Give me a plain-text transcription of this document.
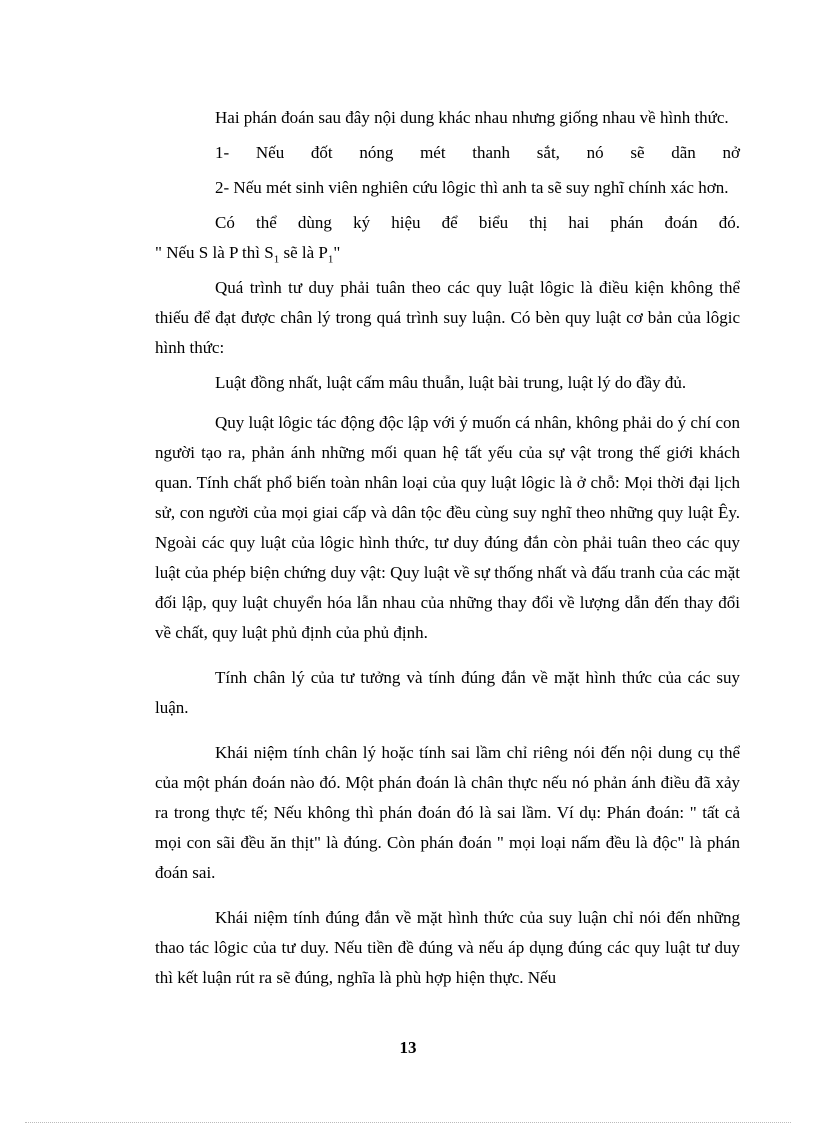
Hai phán đoán sau đây nội dung khác nhau nhưng giống nhau về hình thức.

1- Nếu đốt nóng mét thanh sắt, nó sẽ dãn nở

2- Nếu mét sinh viên nghiên cứu lôgic thì anh ta sẽ suy nghĩ chính xác hơn.

Có thể dùng ký hiệu để biểu thị hai phán đoán đó.

" Nếu S là P thì $S_1$ sẽ là $P_1$"

Quá trình tư duy phải tuân theo các quy luật lôgic là điều kiện không thể thiếu để đạt được chân lý trong quá trình suy luận. Có bèn quy luật cơ bản của lôgic hình thức:

Luật đồng nhất, luật cấm mâu thuẫn, luật bài trung, luật lý do đầy đủ.

Quy luật lôgic tác động độc lập với ý muốn cá nhân, không phải do ý chí con người tạo ra, phản ánh những mối quan hệ tất yếu của sự vật trong thế giới khách quan. Tính chất phổ biến toàn nhân loại của quy luật lôgic là ở chỗ: Mọi thời đại lịch sử, con người của mọi giai cấp và dân tộc đều cùng suy nghĩ theo những quy luật Êy. Ngoài các quy luật của lôgic hình thức, tư duy đúng đắn còn phải tuân theo các quy luật của phép biện chứng duy vật: Quy luật về sự thống nhất và đấu tranh của các mặt đối lập, quy luật chuyển hóa lẫn nhau của những thay đổi về lượng dẫn đến thay đổi về chất, quy luật phủ định của phủ định.

Tính chân lý của tư tưởng và tính đúng đắn về mặt hình thức của các suy luận.

Khái niệm tính chân lý hoặc tính sai lầm chỉ riêng nói đến nội dung cụ thể của một phán đoán nào đó. Một phán đoán là chân thực nếu nó phản ánh điều đã xảy ra trong thực tế; Nếu không thì phán đoán đó là sai lầm. Ví dụ: Phán đoán: " tất cả mọi con sãi đều ăn thịt" là đúng. Còn phán đoán " mọi loại nấm đều là độc" là phán đoán sai.

Khái niệm tính đúng đắn về mặt hình thức của suy luận chỉ nói đến những thao tác lôgic của tư duy. Nếu tiền đề đúng và nếu áp dụng đúng các quy luật tư duy thì kết luận rút ra sẽ đúng, nghĩa là phù hợp hiện thực. Nếu

13
